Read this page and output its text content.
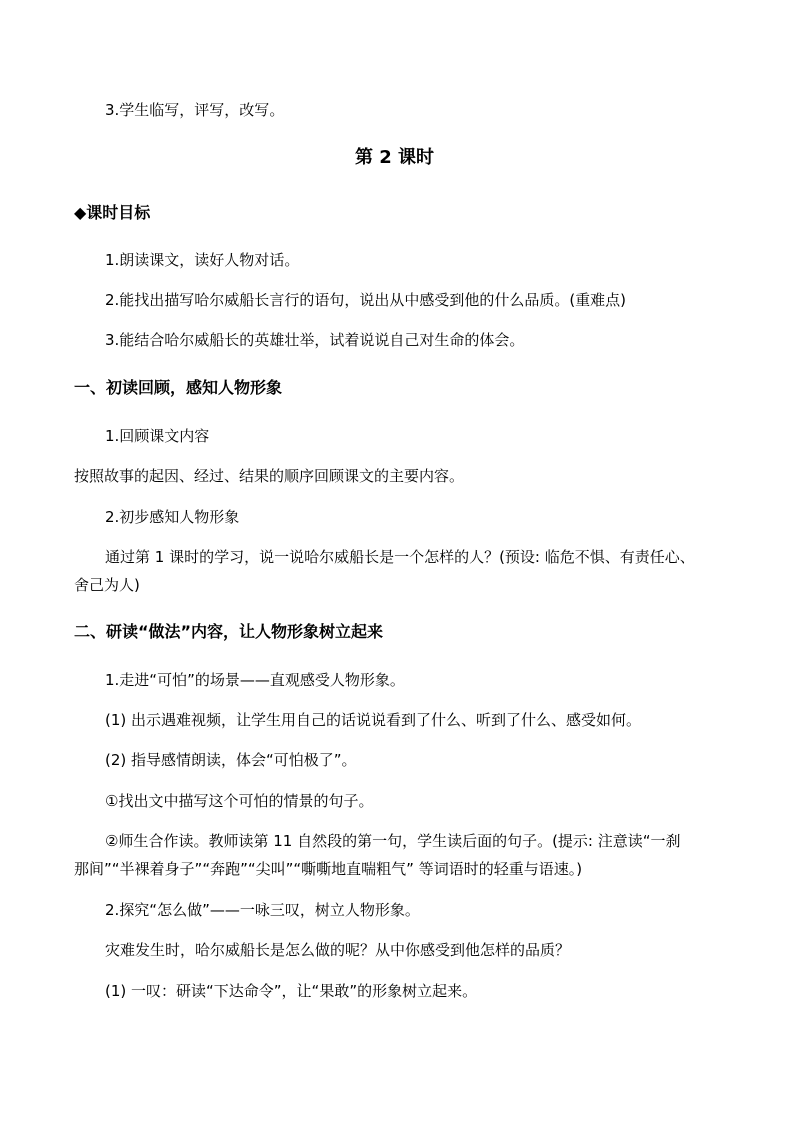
3.学生临写，评写，改写。
第 2 课时
◆课时目标
1.朗读课文，读好人物对话。
2.能找出描写哈尔威船长言行的语句，说出从中感受到他的什么品质。(重难点)
3.能结合哈尔威船长的英雄壮举，试着说说自己对生命的体会。
一、初读回顾，感知人物形象
1.回顾课文内容
按照故事的起因、经过、结果的顺序回顾课文的主要内容。
2.初步感知人物形象
通过第 1 课时的学习，说一说哈尔威船长是一个怎样的人？(预设: 临危不惧、有责任心、
舍己为人)
二、研读“做法”内容，让人物形象树立起来
1.走进“可怕”的场景——直观感受人物形象。
(1) 出示遇难视频，让学生用自己的话说说看到了什么、听到了什么、感受如何。
(2) 指导感情朗读，体会“可怕极了”。
①找出文中描写这个可怕的情景的句子。
②师生合作读。教师读第 11 自然段的第一句，学生读后面的句子。(提示: 注意读“一刹
那间”“半裸着身子”“奔跑”“尖叫”“嘶嘶地直喘粗气” 等词语时的轻重与语速。)
2.探究“怎么做”——一咏三叹，树立人物形象。
灾难发生时，哈尔威船长是怎么做的呢？从中你感受到他怎样的品质？
(1) 一叹：研读“下达命令”，让“果敢”的形象树立起来。
